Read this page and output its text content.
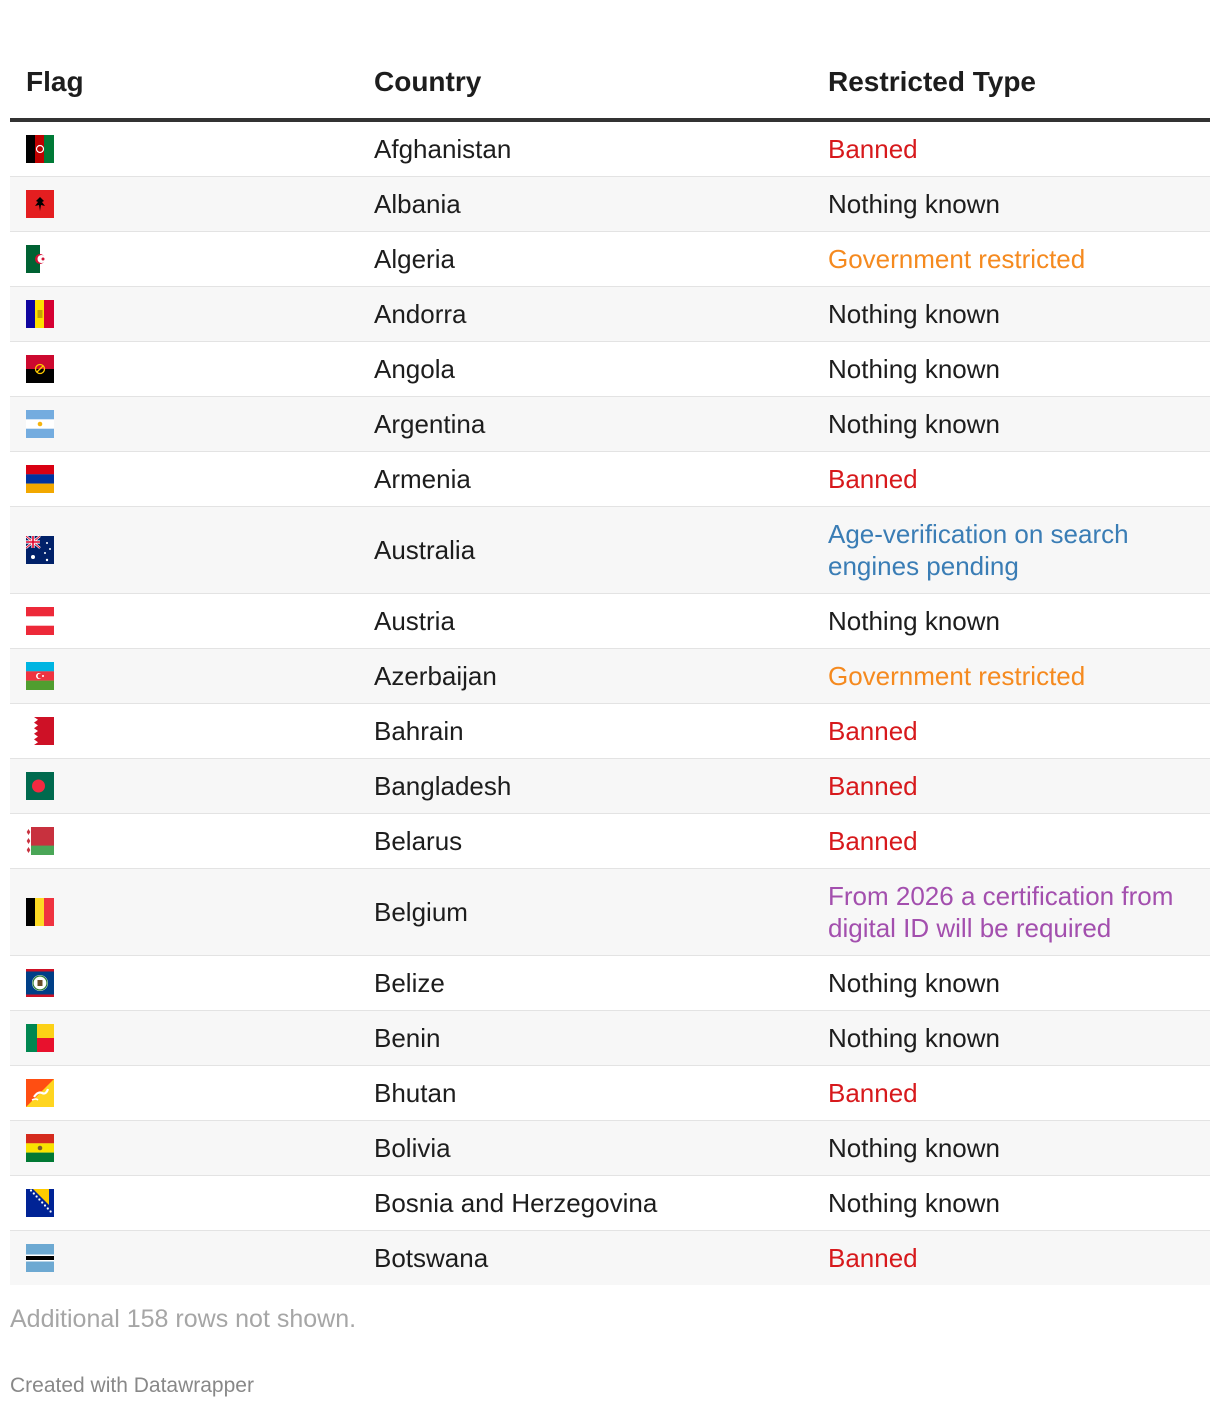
Flag	Country	Restricted Type

	Afghanistan	Banned

	Albania	Nothing known

	Algeria	Government restricted

	Andorra	Nothing known

	Angola	Nothing known

	Argentina	Nothing known

	Armenia	Banned

	Australia	Age-verification on search engines pending

	Austria	Nothing known

	Azerbaijan	Government restricted

	Bahrain	Banned

	Bangladesh	Banned

	Belarus	Banned

	Belgium	From 2026 a certification from digital ID will be required

	Belize	Nothing known

	Benin	Nothing known

	Bhutan	Banned

	Bolivia	Nothing known

	Bosnia and Herzegovina	Nothing known

	Botswana	Banned
Additional 158 rows not shown.
Created with Datawrapper
